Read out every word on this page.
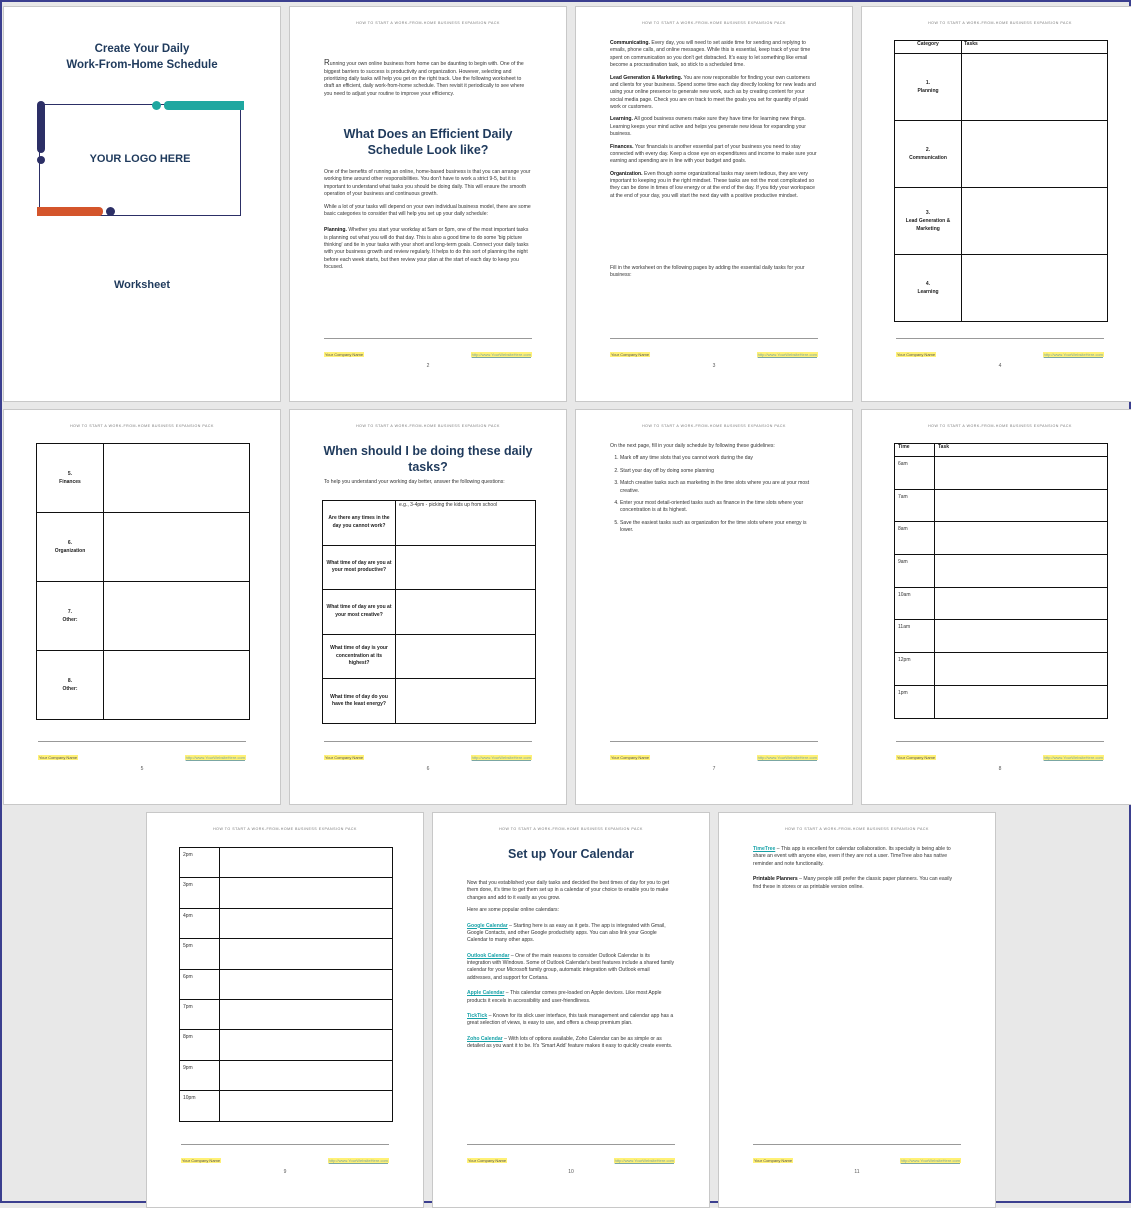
Create Your Daily
Work-From-Home Schedule
YOUR LOGO HERE
Worksheet
HOW TO START A WORK-FROM-HOME BUSINESS EXPANSION PACK

Running your own online business from home can be daunting to begin with. One of the biggest barriers to success is productivity and organization. However, selecting and prioritizing daily tasks will help you get on the right track. Use the following worksheet to draft an efficient, daily work-from-home schedule. Then revisit it periodically to see where you need to adjust your routine to improve your efficiency.

What Does an Efficient Daily Schedule Look like?

One of the benefits of running an online, home-based business is that you can arrange your working time around other responsibilities. You don't have to work a strict 9-5, but it is important to understand what tasks you should be doing daily. This will ensure the smooth operation of your business and continuous growth.

While a lot of your tasks will depend on your own individual business model, there are some basic categories to consider that will help you set up your daily schedule:

Planning. Whether you start your workday at 5am or 5pm, one of the most important tasks is planning out what you will do that day. This is also a good time to do some 'big picture thinking' and tie in your tasks with your short and long-term goals. Connect your daily tasks with your business growth and review regularly. It helps to do this sort of planning the night before each week starts, but then review your plan at the start of each day to keep you focused.

Your Company Name	http://www.YourWebsiteHere.com
2
HOW TO START A WORK-FROM-HOME BUSINESS EXPANSION PACK

Communicating. Every day, you will need to set aside time for sending and replying to emails, phone calls, and online messages. While this is essential, keep track of your time spent on communication so you don't get distracted. It's easy to let something like email become a procrastination task, so stick to a scheduled time.

Lead Generation & Marketing. You are now responsible for finding your own customers and clients for your business. Spend some time each day directly looking for new leads and using your online presence to generate new work, such as by creating content for your social media page. Check you are on track to meet the goals you set for quantity of paid work or customers.

Learning. All good business owners make sure they have time for learning new things. Learning keeps your mind active and helps you generate new ideas for expanding your business.

Finances. Your financials is another essential part of your business you need to stay connected with every day. Keep a close eye on expenditures and income to make sure your earning and spending are in line with your budget and goals.

Organization. Even though some organizational tasks may seem tedious, they are very important to keeping you in the right mindset. These tasks are not the most complicated so they can be done in times of low energy or at the end of the day. If you tidy your workspace at the end of your day, you will start the next day with a positive productive mindset.

Fill in the worksheet on the following pages by adding the essential daily tasks for your business:

Your Company Name	http://www.YourWebsiteHere.com
3
HOW TO START A WORK-FROM-HOME BUSINESS EXPANSION PACK
Category	Tasks

1.
Planning	

2.
Communication	

3.
Lead Generation & Marketing	

4.
Learning	

Your Company Name	http://www.YourWebsiteHere.com
4
HOW TO START A WORK-FROM-HOME BUSINESS EXPANSION PACK
5.
Finances	

6.
Organization	

7.
Other:	

8.
Other:	

Your Company Name	http://www.YourWebsiteHere.com
5
HOW TO START A WORK-FROM-HOME BUSINESS EXPANSION PACK
When should I be doing these daily tasks?

To help you understand your working day better, answer the following questions:

Are there any times in the day you cannot work?	e.g., 3-4pm - picking the kids up from school
What time of day are you at your most productive?	
What time of day are you at your most creative?	
What time of day is your concentration at its highest?	
What time of day do you have the least energy?	
Your Company Name	http://www.YourWebsiteHere.com
6
HOW TO START A WORK-FROM-HOME BUSINESS EXPANSION PACK

On the next page, fill in your daily schedule by following these guidelines:

1. Mark off any time slots that you cannot work during the day
2. Start your day off by doing some planning
3. Match creative tasks such as marketing in the time slots where you are at your most creative.
4. Enter your most detail-oriented tasks such as finance in the time slots where your concentration is at its highest.
5. Save the easiest tasks such as organization for the time slots where your energy is lower.
Your Company Name	http://www.YourWebsiteHere.com
7
HOW TO START A WORK-FROM-HOME BUSINESS EXPANSION PACK
Time	Task
6am	
7am	
8am	
9am	
10am	
11am	
12pm	
1pm	
Your Company Name	http://www.YourWebsiteHere.com
8
HOW TO START A WORK-FROM-HOME BUSINESS EXPANSION PACK
2pm	
3pm	
4pm	
5pm	
6pm	
7pm	
8pm	
9pm	
10pm	
Your Company Name	http://www.YourWebsiteHere.com
9
HOW TO START A WORK-FROM-HOME BUSINESS EXPANSION PACK
Set up Your Calendar

Now that you established your daily tasks and decided the best times of day for you to get them done, it's time to get them set up in a calendar of your choice to enable you to make changes and add to it easily as you grow.

Here are some popular online calendars:

Google Calendar – Starting here is as easy as it gets. The app is integrated with Gmail, Google Contacts, and other Google productivity apps. You can also link your Google Calendar to many other apps.

Outlook Calendar – One of the main reasons to consider Outlook Calendar is its integration with Windows. Some of Outlook Calendar's best features include a shared family calendar for your Microsoft family group, automatic integration with Outlook email addresses, and support for Cortana.

Apple Calendar – This calendar comes pre-loaded on Apple devices. Like most Apple products it excels in accessibility and user-friendliness.

TickTick – Known for its slick user interface, this task management and calendar app has a great selection of views, is easy to use, and offers a cheap premium plan.

Zoho Calendar – With lots of options available, Zoho Calendar can be as simple or as detailed as you want it to be. It's 'Smart Add' feature makes it easy to quickly create events.

Your Company Name	http://www.YourWebsiteHere.com
10
HOW TO START A WORK-FROM-HOME BUSINESS EXPANSION PACK

TimeTree – This app is excellent for calendar collaboration. Its specialty is being able to share an event with anyone else, even if they are not a user. TimeTree also has native reminder and note functionality.

Printable Planners – Many people still prefer the classic paper planners. You can easily find these in stores or as printable version online.

Your Company Name	http://www.YourWebsiteHere.com
11
